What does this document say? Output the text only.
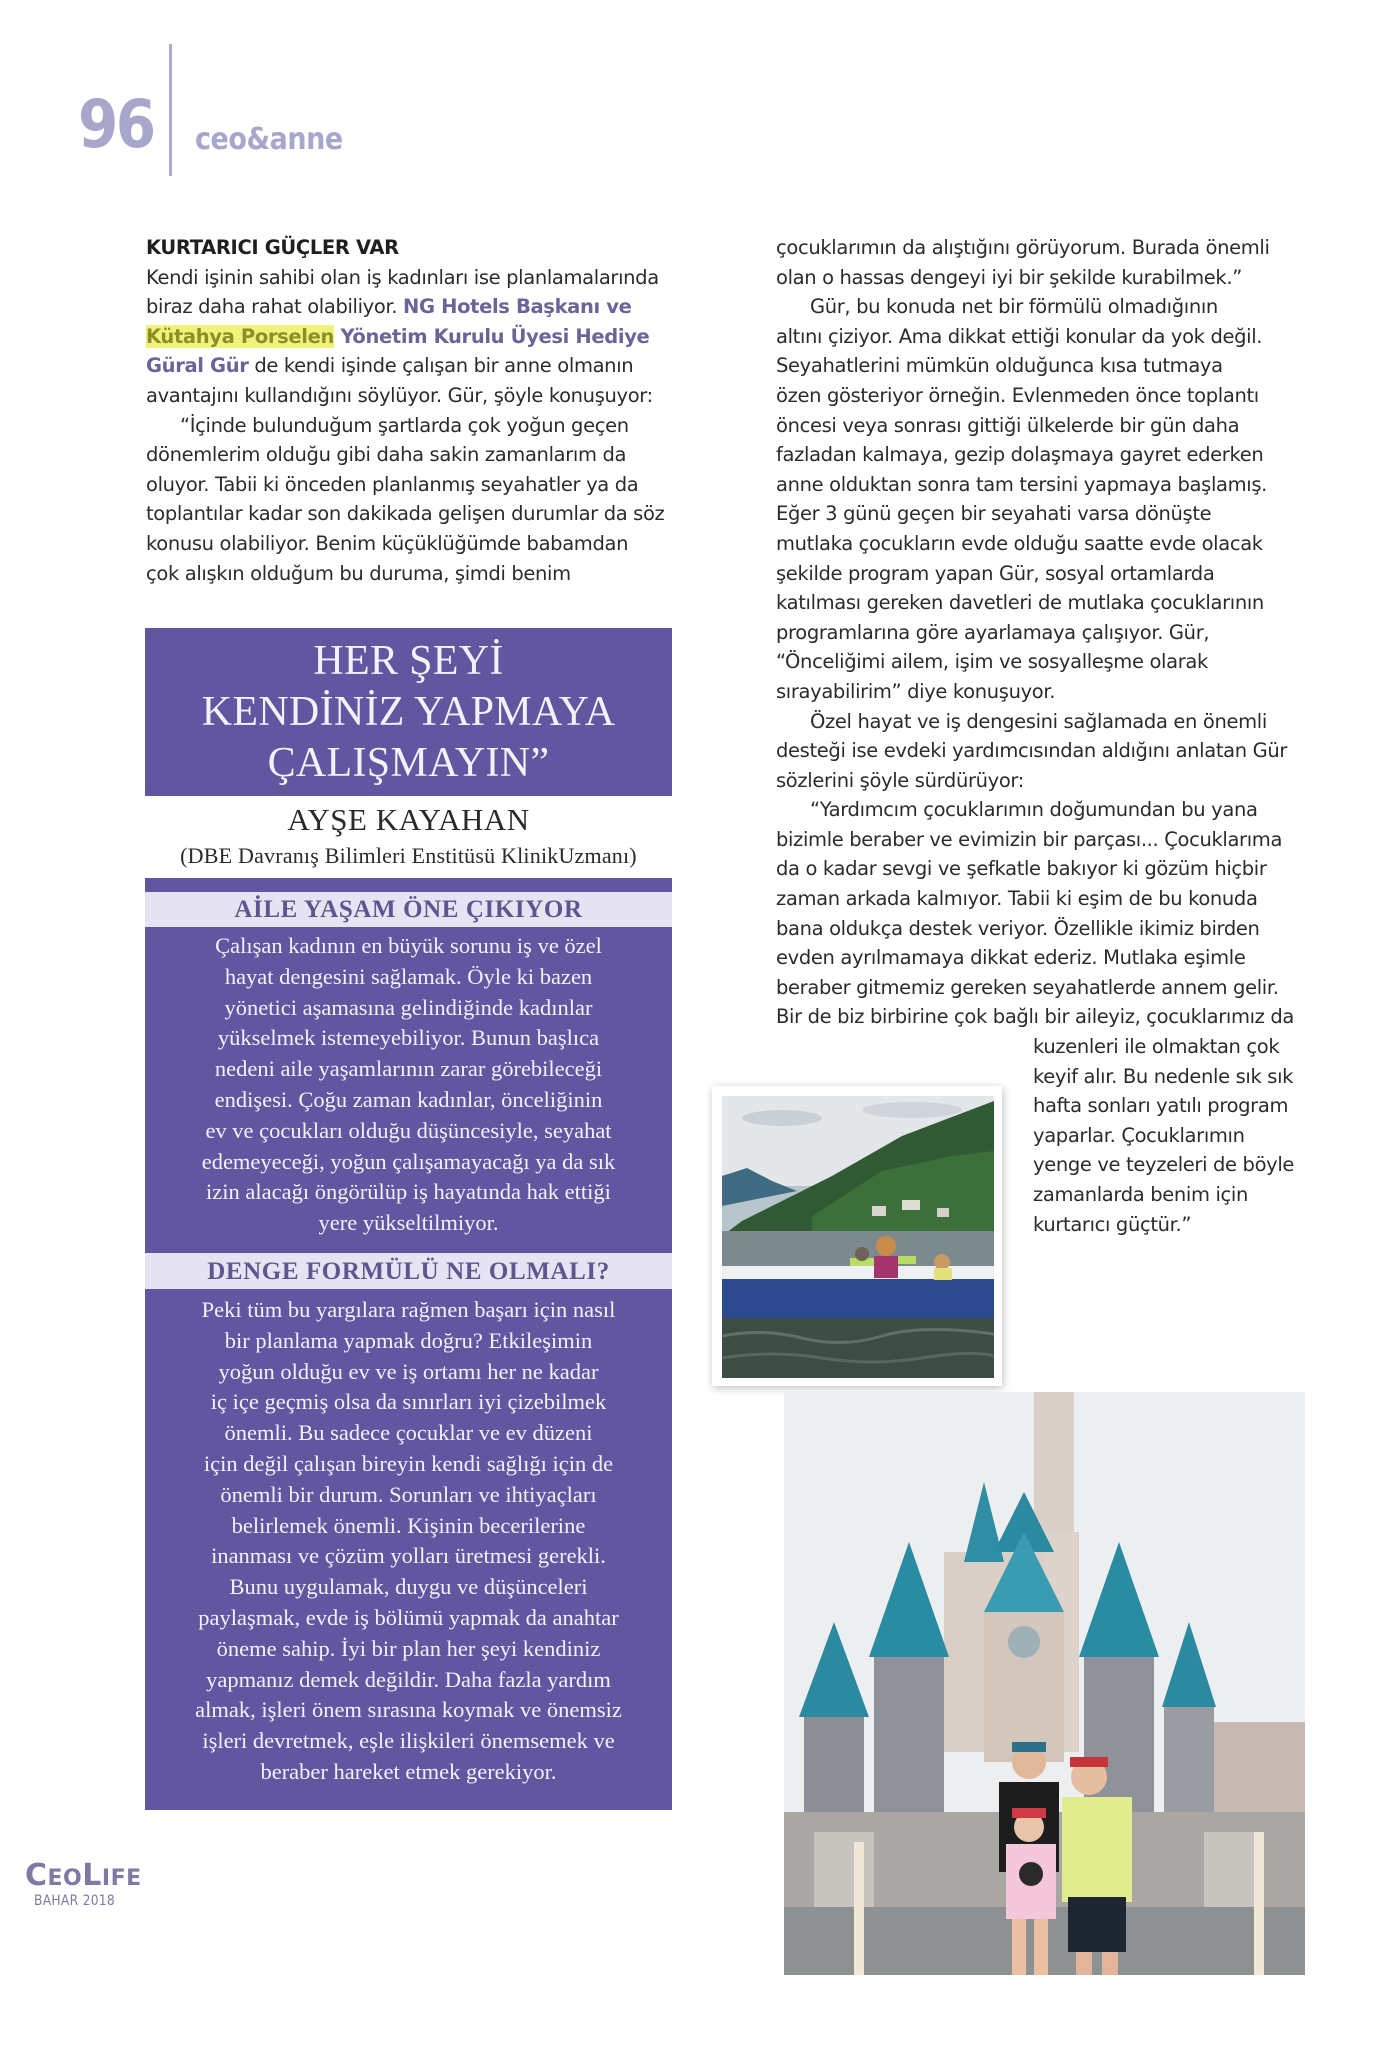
96 ceo&anne

KURTARICI GÜÇLER VAR

Kendi işinin sahibi olan iş kadınları ise planlamalarında

biraz daha rahat olabiliyor. NG Hotels Başkanı ve

Kütahya Porselen Yönetim Kurulu Üyesi Hediye

Güral Gür de kendi işinde çalışan bir anne olmanın

avantajını kullandığını söylüyor. Gür, şöyle konuşuyor:

“İçinde bulunduğum şartlarda çok yoğun geçen

dönemlerim olduğu gibi daha sakin zamanlarım da

oluyor. Tabii ki önceden planlanmış seyahatler ya da

toplantılar kadar son dakikada gelişen durumlar da söz

konusu olabiliyor. Benim küçüklüğümde babamdan

çok alışkın olduğum bu duruma, şimdi benim

HER ŞEYİ
KENDİNİZ YAPMAYA
ÇALIŞMAYIN”
AYŞE KAYAHAN
(DBE Davranış Bilimleri Enstitüsü KlinikUzmanı)
AİLE YAŞAM ÖNE ÇIKIYOR

Çalışan kadının en büyük sorunu iş ve özel

hayat dengesini sağlamak. Öyle ki bazen

yönetici aşamasına gelindiğinde kadınlar

yükselmek istemeyebiliyor. Bunun başlıca

nedeni aile yaşamlarının zarar görebileceği

endişesi. Çoğu zaman kadınlar, önceliğinin

ev ve çocukları olduğu düşüncesiyle, seyahat

edemeyeceği, yoğun çalışamayacağı ya da sık

izin alacağı öngörülüp iş hayatında hak ettiği

yere yükseltilmiyor.

DENGE FORMÜLÜ NE OLMALI?

Peki tüm bu yargılara rağmen başarı için nasıl

bir planlama yapmak doğru? Etkileşimin

yoğun olduğu ev ve iş ortamı her ne kadar

iç içe geçmiş olsa da sınırları iyi çizebilmek

önemli. Bu sadece çocuklar ve ev düzeni

için değil çalışan bireyin kendi sağlığı için de

önemli bir durum. Sorunları ve ihtiyaçları

belirlemek önemli. Kişinin becerilerine

inanması ve çözüm yolları üretmesi gerekli.

Bunu uygulamak, duygu ve düşünceleri

paylaşmak, evde iş bölümü yapmak da anahtar

öneme sahip. İyi bir plan her şeyi kendiniz

yapmanız demek değildir. Daha fazla yardım

almak, işleri önem sırasına koymak ve önemsiz

işleri devretmek, eşle ilişkileri önemsemek ve

beraber hareket etmek gerekiyor.

çocuklarımın da alıştığını görüyorum. Burada önemli

olan o hassas dengeyi iyi bir şekilde kurabilmek.”

Gür, bu konuda net bir förmülü olmadığının

altını çiziyor. Ama dikkat ettiği konular da yok değil.

Seyahatlerini mümkün olduğunca kısa tutmaya

özen gösteriyor örneğin. Evlenmeden önce toplantı

öncesi veya sonrası gittiği ülkelerde bir gün daha

fazladan kalmaya, gezip dolaşmaya gayret ederken

anne olduktan sonra tam tersini yapmaya başlamış.

Eğer 3 günü geçen bir seyahati varsa dönüşte

mutlaka çocukların evde olduğu saatte evde olacak

şekilde program yapan Gür, sosyal ortamlarda

katılması gereken davetleri de mutlaka çocuklarının

programlarına göre ayarlamaya çalışıyor. Gür,

“Önceliğimi ailem, işim ve sosyalleşme olarak

sırayabilirim” diye konuşuyor.

Özel hayat ve iş dengesini sağlamada en önemli

desteği ise evdeki yardımcısından aldığını anlatan Gür

sözlerini şöyle sürdürüyor:

“Yardımcım çocuklarımın doğumundan bu yana

bizimle beraber ve evimizin bir parçası... Çocuklarıma

da o kadar sevgi ve şefkatle bakıyor ki gözüm hiçbir

zaman arkada kalmıyor. Tabii ki eşim de bu konuda

bana oldukça destek veriyor. Özellikle ikimiz birden

evden ayrılmamaya dikkat ederiz. Mutlaka eşimle

beraber gitmemiz gereken seyahatlerde annem gelir.

Bir de biz birbirine çok bağlı bir aileyiz, çocuklarımız da

kuzenleri ile olmaktan çok

keyif alır. Bu nedenle sık sık

hafta sonları yatılı program

yaparlar. Çocuklarımın

yenge ve teyzeleri de böyle

zamanlarda benim için

kurtarıcı güçtür.”

CEOLIFE
BAHAR 2018
